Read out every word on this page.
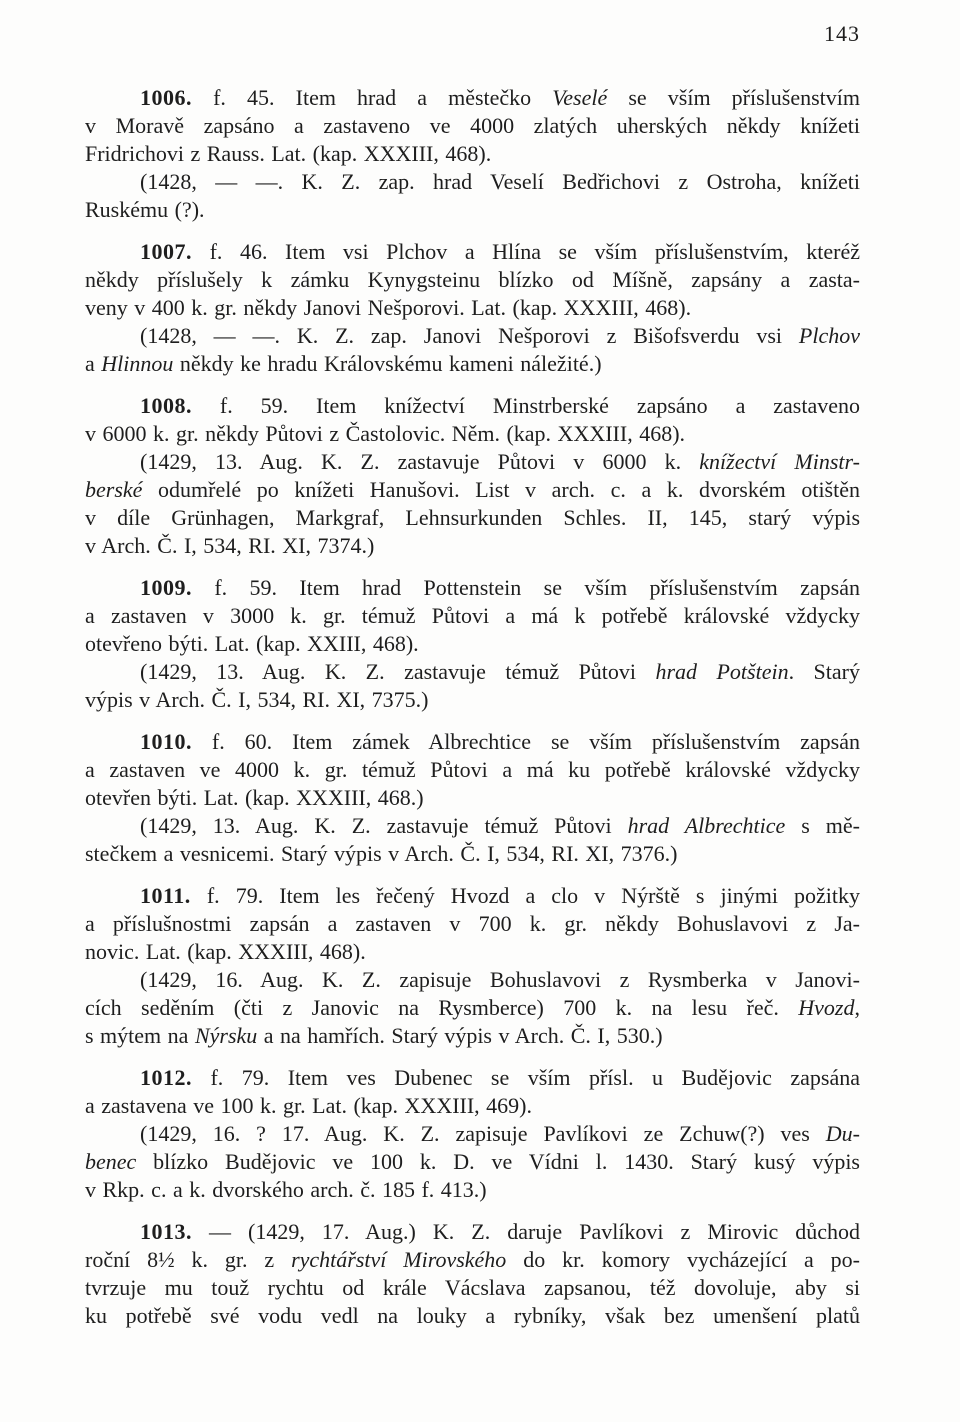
143
1006. f. 45. Item hrad a městečko Veselé se vším příslušenstvím
v Moravě zapsáno a zastaveno ve 4000 zlatých uherských někdy knížeti
Fridrichovi z Rauss. Lat. (kap. XXXIII, 468).
(1428, — —. K. Z. zap. hrad Veselí Bedřichovi z Ostroha, knížeti
Ruskému (?).
1007. f. 46. Item vsi Plchov a Hlína se vším příslušenstvím, kteréž
někdy příslušely k zámku Kynygsteinu blízko od Míšně, zapsány a zasta-
veny v 400 k. gr. někdy Janovi Nešporovi. Lat. (kap. XXXIII, 468).
(1428, — —. K. Z. zap. Janovi Nešporovi z Bišofsverdu vsi Plchov
a Hlinnou někdy ke hradu Královskému kameni náležité.)
1008. f. 59. Item knížectví Minstrberské zapsáno a zastaveno
v 6000 k. gr. někdy Půtovi z Častolovic. Něm. (kap. XXXIII, 468).
(1429, 13. Aug. K. Z. zastavuje Půtovi v 6000 k. knížectví Minstr-
berské odumřelé po knížeti Hanušovi. List v arch. c. a k. dvorském otištěn
v díle Grünhagen, Markgraf, Lehnsurkunden Schles. II, 145, starý výpis
v Arch. Č. I, 534, RI. XI, 7374.)
1009. f. 59. Item hrad Pottenstein se vším příslušenstvím zapsán
a zastaven v 3000 k. gr. témuž Půtovi a má k potřebě královské vždycky
otevřeno býti. Lat. (kap. XXIII, 468).
(1429, 13. Aug. K. Z. zastavuje témuž Půtovi hrad Potštein. Starý
výpis v Arch. Č. I, 534, RI. XI, 7375.)
1010. f. 60. Item zámek Albrechtice se vším příslušenstvím zapsán
a zastaven ve 4000 k. gr. témuž Půtovi a má ku potřebě královské vždycky
otevřen býti. Lat. (kap. XXXIII, 468.)
(1429, 13. Aug. K. Z. zastavuje témuž Půtovi hrad Albrechtice s mě-
stečkem a vesnicemi. Starý výpis v Arch. Č. I, 534, RI. XI, 7376.)
1011. f. 79. Item les řečený Hvozd a clo v Nýrště s jinými požitky
a příslušnostmi zapsán a zastaven v 700 k. gr. někdy Bohuslavovi z Ja-
novic. Lat. (kap. XXXIII, 468).
(1429, 16. Aug. K. Z. zapisuje Bohuslavovi z Rysmberka v Janovi-
cích seděním (čti z Janovic na Rysmberce) 700 k. na lesu řeč. Hvozd,
s mýtem na Nýrsku a na hamřích. Starý výpis v Arch. Č. I, 530.)
1012. f. 79. Item ves Dubenec se vším přísl. u Budějovic zapsána
a zastavena ve 100 k. gr. Lat. (kap. XXXIII, 469).
(1429, 16. ? 17. Aug. K. Z. zapisuje Pavlíkovi ze Zchuw(?) ves Du-
benec blízko Budějovic ve 100 k. D. ve Vídni l. 1430. Starý kusý výpis
v Rkp. c. a k. dvorského arch. č. 185 f. 413.)
1013. — (1429, 17. Aug.) K. Z. daruje Pavlíkovi z Mirovic důchod
roční 8½ k. gr. z rychtářství Mirovského do kr. komory vycházející a po-
tvrzuje mu touž rychtu od krále Vácslava zapsanou, též dovoluje, aby si
ku potřebě své vodu vedl na louky a rybníky, však bez umenšení platů
